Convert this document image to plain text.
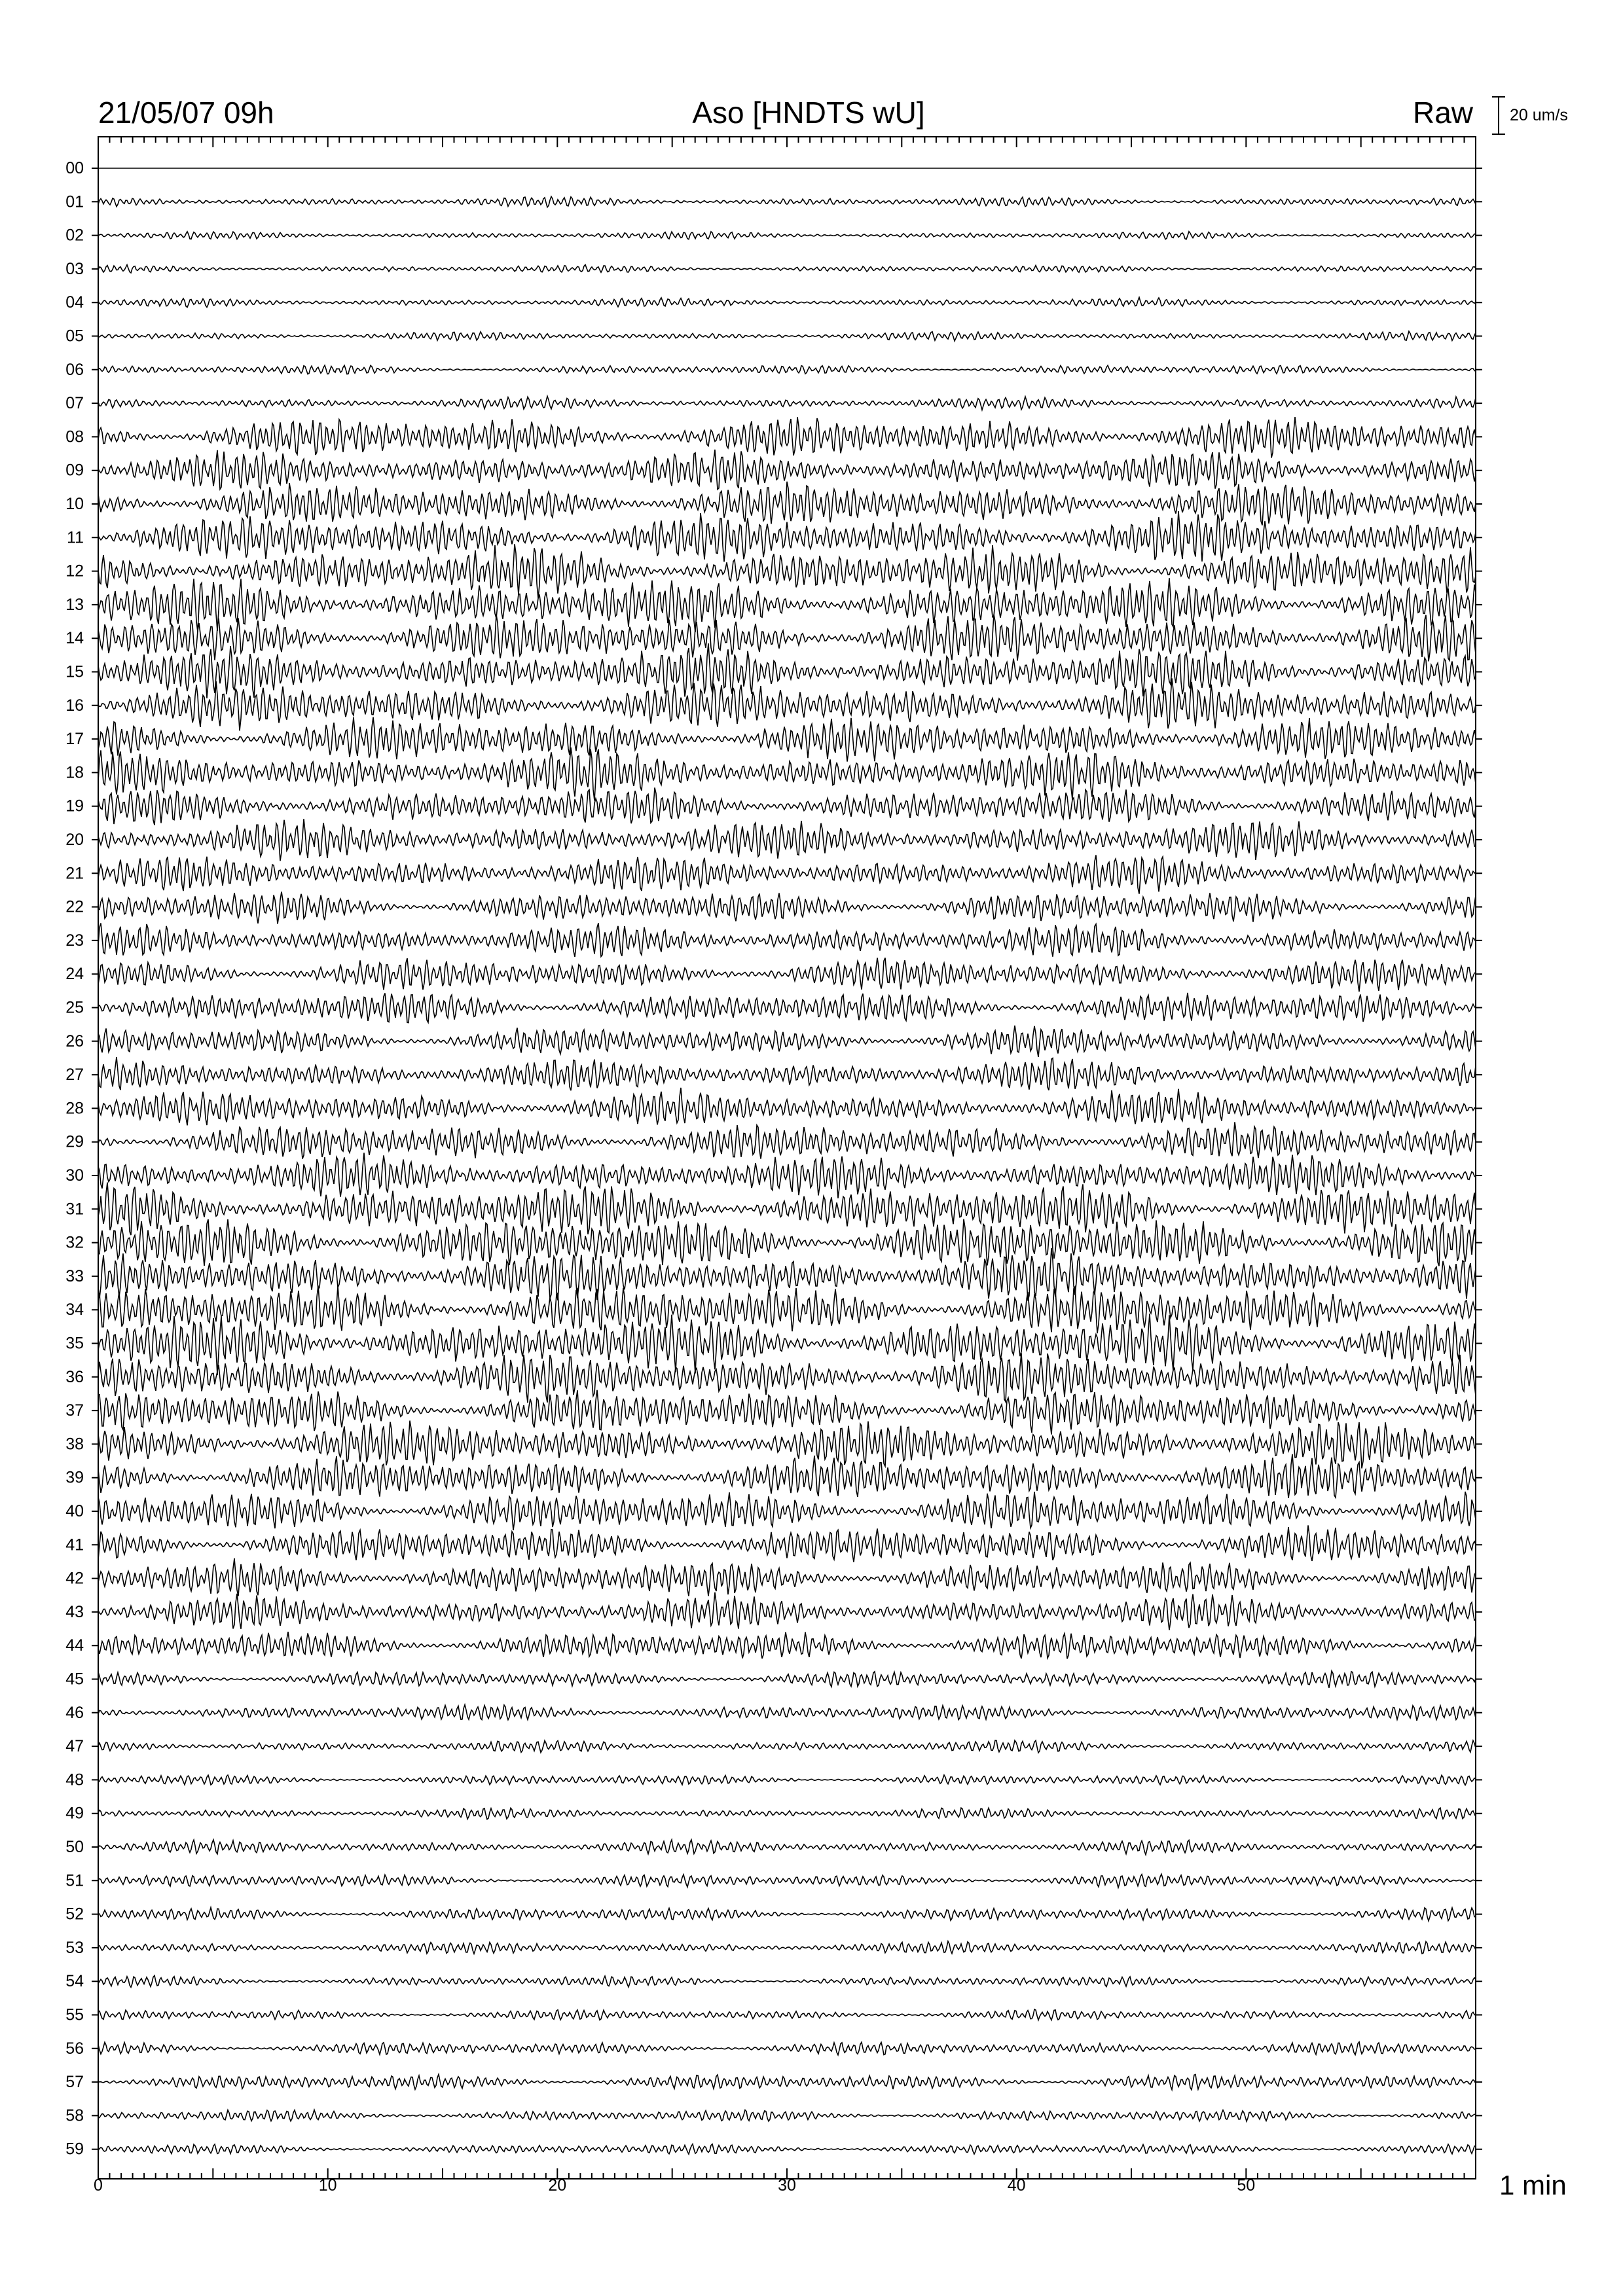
21/05/07 09h	Aso [HNDTS wU]	Raw 20 um/s
00
01
02
03
04
05
06
07
08
09
10
11
12
13
14
15
16
17
18
19
20
21
22
23
24
25
26
27
28
29
30
31
32
33
34
35
36
37
38
39
40
41
42
43
44
45
46
47
48
49
50
51
52
53
54
55
56
57
58
59
0	10	20	30	40	50	1 min
